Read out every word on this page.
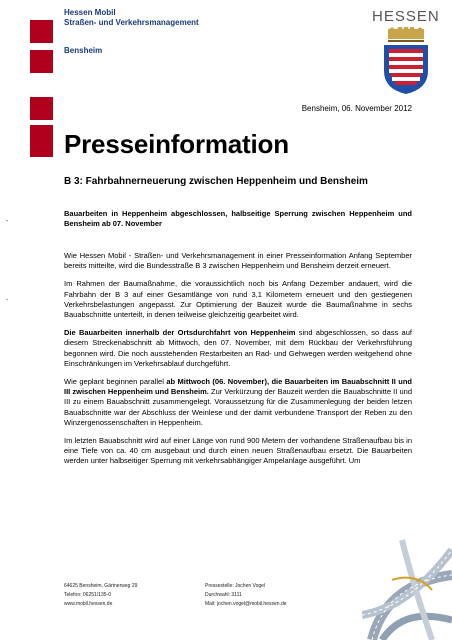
Hessen Mobil
Straßen- und Verkehrsmanagement
Bensheim
HESSEN
Bensheim, 06. November 2012
Presseinformation
B 3: Fahrbahnerneuerung zwischen Heppenheim und Bensheim
Bauarbeiten in Heppenheim abgeschlossen, halbseitige Sperrung zwischen Heppenheim und Bensheim ab 07. November
-
-

Wie Hessen Mobil - Straßen- und Verkehrsmanagement in einer Presseinformation Anfang September bereits mitteilte, wird die Bundesstraße B 3 zwischen Heppenheim und Bensheim derzeit erneuert.

Im Rahmen der Baumaßnahme, die voraussichtlich noch bis Anfang Dezember andauert, wird die Fahrbahn der B 3 auf einer Gesamtlänge von rund 3,1 Kilometern erneuert und den gestiegenen Verkehrsbelastungen angepasst. Zur Optimierung der Bauzeit wurde die Baumaßnahme in sechs Bauabschnitte unterteilt, in denen teilweise gleichzeitig gearbeitet wird.

Die Bauarbeiten innerhalb der Ortsdurchfahrt von Heppenheim sind abgeschlossen, so dass auf diesem Streckenabschnitt ab Mittwoch, den 07. November, mit dem Rückbau der Verkehrsführung begonnen wird. Die noch ausstehenden Restarbeiten an Rad- und Gehwegen werden weitgehend ohne Einschränkungen im Verkehrsablauf durchgeführt.

Wie geplant beginnen parallel ab Mittwoch (06. November), die Bauarbeiten im Bauabschnitt II und III zwischen Heppenheim und Bensheim. Zur Verkürzung der Bauzeit werden die Bauabschnitte II und III zu einem Bauabschnitt zusammengelegt. Voraussetzung für die Zusammenlegung der beiden letzen Bauabschnitte war der Abschluss der Weinlese und der damit verbundene Transport der Reben zu den Winzergenossenschaften in Heppenheim.

Im letzten Bauabschnitt wird auf einer Länge von rund 900 Metern der vorhandene Straßenaufbau bis in eine Tiefe von ca. 40 cm ausgebaut und durch einen neuen Straßenaufbau ersetzt. Die Bauarbeiten werden unter halbseitiger Sperrung mit verkehrsabhängiger Ampelanlage ausgeführt. Um

64625 Bensheim, Gärtnerweg 29
Telefon: 06251/135-0
www.mobil.hessen.de
Pressestelle: Jochen Vogel
Durchwahl: 3111
Mail: jochen.vogel@mobil.hessen.de
